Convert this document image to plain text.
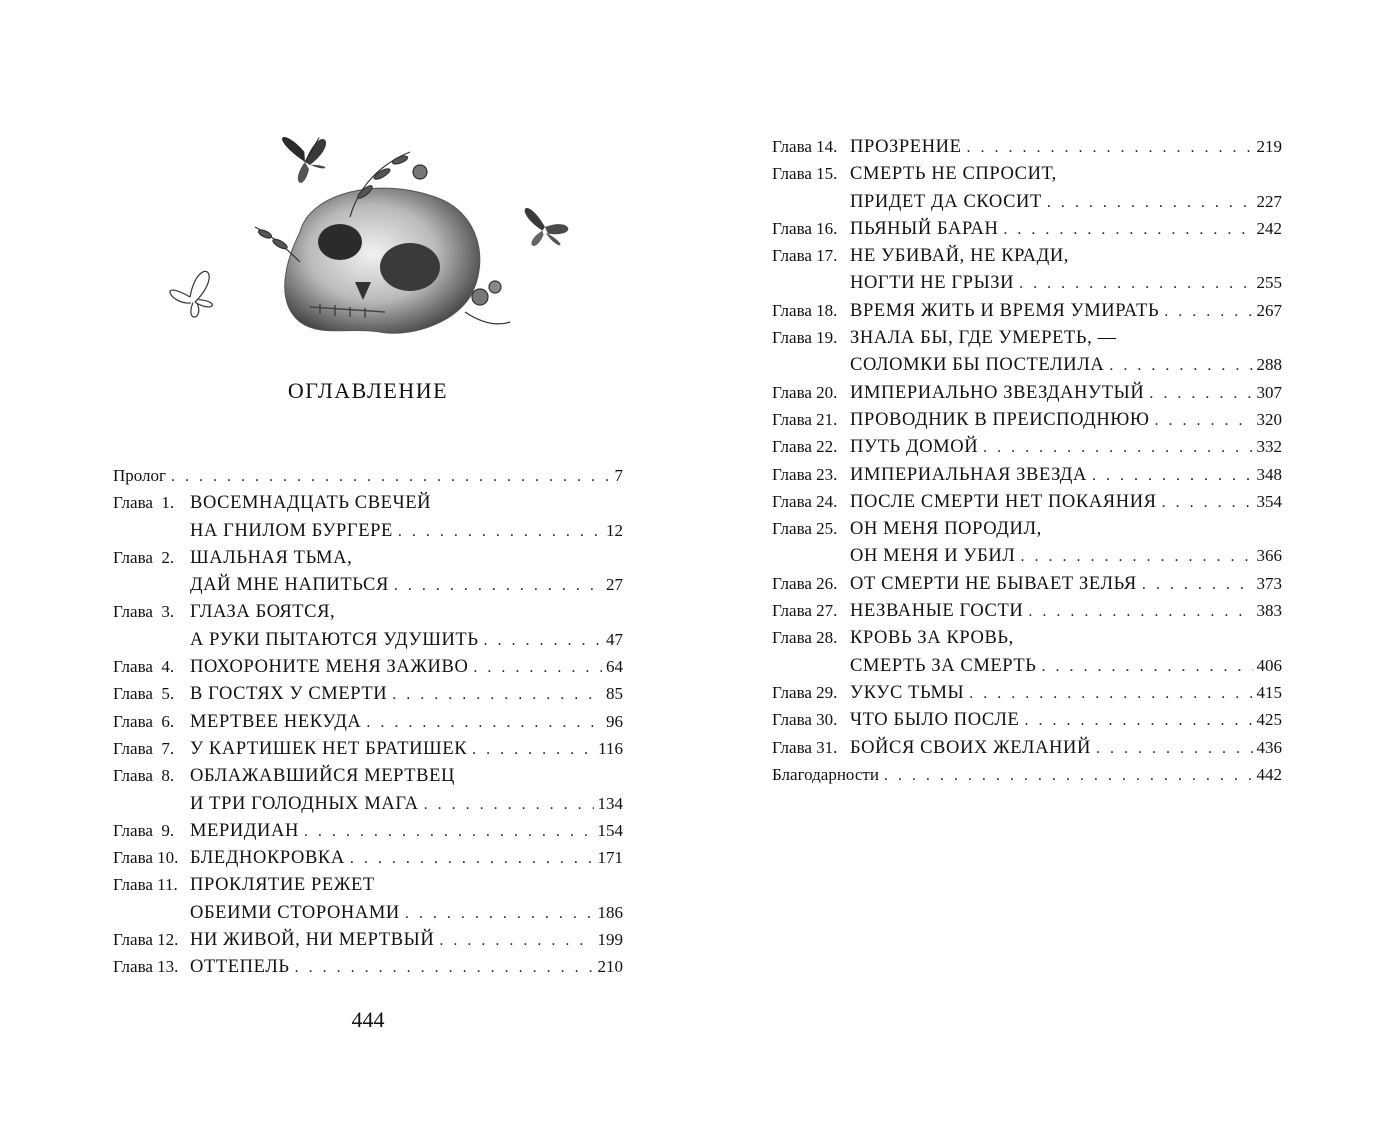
ОГЛАВЛЕНИЕ
Пролог . . .	7
Глава  1. ВОСЕМНАДЦАТЬ СВЕЧЕЙ
НА ГНИЛОМ БУРГЕРЕ . . .	12
Глава  2. ШАЛЬНАЯ ТЬМА,
ДАЙ МНЕ НАПИТЬСЯ . . .	27
Глава  3. ГЛАЗА БОЯТСЯ,
А РУКИ ПЫТАЮТСЯ УДУШИТЬ . . .	47
Глава  4. ПОХОРОНИТЕ МЕНЯ ЗАЖИВО . . .	64
Глава  5. В ГОСТЯХ У СМЕРТИ . . .	85
Глава  6. МЕРТВЕЕ НЕКУДА . . .	96
Глава  7. У КАРТИШЕК НЕТ БРАТИШЕК . . .	116
Глава  8. ОБЛАЖАВШИЙСЯ МЕРТВЕЦ
И ТРИ ГОЛОДНЫХ МАГА . . .	134
Глава  9. МЕРИДИАН . . .	154
Глава 10. БЛЕДНОКРОВКА . . .	171
Глава 11. ПРОКЛЯТИЕ РЕЖЕТ
ОБЕИМИ СТОРОНАМИ . . .	186
Глава 12. НИ ЖИВОЙ, НИ МЕРТВЫЙ . . .	199
Глава 13. ОТТЕПЕЛЬ . . .	210
444
Глава 14. ПРОЗРЕНИЕ . . .	219
Глава 15. СМЕРТЬ НЕ СПРОСИТ,
ПРИДЕТ ДА СКОСИТ . . .	227
Глава 16. ПЬЯНЫЙ БАРАН . . .	242
Глава 17. НЕ УБИВАЙ, НЕ КРАДИ,
НОГТИ НЕ ГРЫЗИ . . .	255
Глава 18. ВРЕМЯ ЖИТЬ И ВРЕМЯ УМИРАТЬ . . .	267
Глава 19. ЗНАЛА БЫ, ГДЕ УМЕРЕТЬ, —
СОЛОМКИ БЫ ПОСТЕЛИЛА . . .	288
Глава 20. ИМПЕРИАЛЬНО ЗВЕЗДАНУТЫЙ . . .	307
Глава 21. ПРОВОДНИК В ПРЕИСПОДНЮЮ . . .	320
Глава 22. ПУТЬ ДОМОЙ . . .	332
Глава 23. ИМПЕРИАЛЬНАЯ ЗВЕЗДА . . .	348
Глава 24. ПОСЛЕ СМЕРТИ НЕТ ПОКАЯНИЯ . . .	354
Глава 25. ОН МЕНЯ ПОРОДИЛ,
ОН МЕНЯ И УБИЛ . . .	366
Глава 26. ОТ СМЕРТИ НЕ БЫВАЕТ ЗЕЛЬЯ . . .	373
Глава 27. НЕЗВАНЫЕ ГОСТИ . . .	383
Глава 28. КРОВЬ ЗА КРОВЬ,
СМЕРТЬ ЗА СМЕРТЬ . . .	406
Глава 29. УКУС ТЬМЫ . . .	415
Глава 30. ЧТО БЫЛО ПОСЛЕ . . .	425
Глава 31. БОЙСЯ СВОИХ ЖЕЛАНИЙ . . .	436
Благодарности . . .	442
